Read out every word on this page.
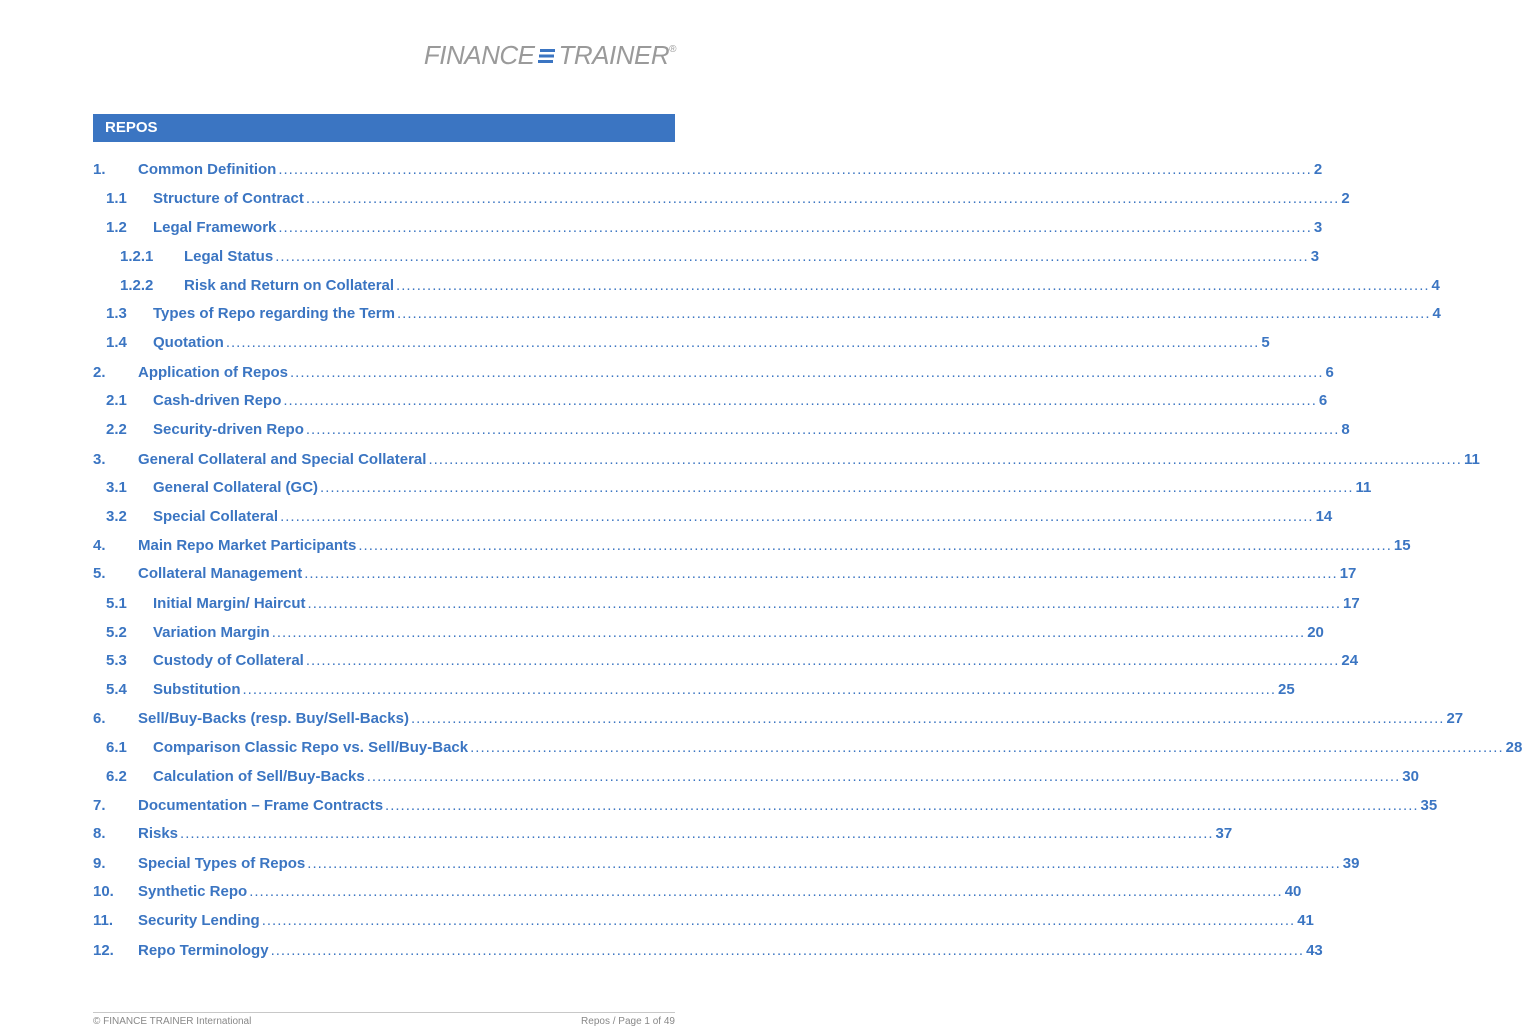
FINANCE TRAINER®
REPOS
1.	Common Definition ........................................................................................................................................................................................................ 2
1.1	Structure of Contract ........................................................................................................................................................................................................ 2
1.2	Legal Framework ........................................................................................................................................................................................................ 3
1.2.1	Legal Status ........................................................................................................................................................................................................ 3
1.2.2	Risk and Return on Collateral ........................................................................................................................................................................................................ 4
1.3	Types of Repo regarding the Term ........................................................................................................................................................................................................ 4
1.4	Quotation ........................................................................................................................................................................................................ 5
2.	Application of Repos ........................................................................................................................................................................................................ 6
2.1	Cash-driven Repo ........................................................................................................................................................................................................ 6
2.2	Security-driven Repo ........................................................................................................................................................................................................ 8
3.	General Collateral and Special Collateral ........................................................................................................................................................................................................ 11
3.1	General Collateral (GC) ........................................................................................................................................................................................................ 11
3.2	Special Collateral ........................................................................................................................................................................................................ 14
4.	Main Repo Market Participants ........................................................................................................................................................................................................ 15
5.	Collateral Management ........................................................................................................................................................................................................ 17
5.1	Initial Margin/ Haircut ........................................................................................................................................................................................................ 17
5.2	Variation Margin ........................................................................................................................................................................................................ 20
5.3	Custody of Collateral ........................................................................................................................................................................................................ 24
5.4	Substitution ........................................................................................................................................................................................................ 25
6.	Sell/Buy-Backs (resp. Buy/Sell-Backs) ........................................................................................................................................................................................................ 27
6.1	Comparison Classic Repo vs. Sell/Buy-Back ........................................................................................................................................................................................................ 28
6.2	Calculation of Sell/Buy-Backs ........................................................................................................................................................................................................ 30
7.	Documentation – Frame Contracts ........................................................................................................................................................................................................ 35
8.	Risks ........................................................................................................................................................................................................ 37
9.	Special Types of Repos ........................................................................................................................................................................................................ 39
10.	Synthetic Repo ........................................................................................................................................................................................................ 40
11.	Security Lending ........................................................................................................................................................................................................ 41
12.	Repo Terminology ........................................................................................................................................................................................................ 43
© FINANCE TRAINER International	Repos / Page 1 of 49
